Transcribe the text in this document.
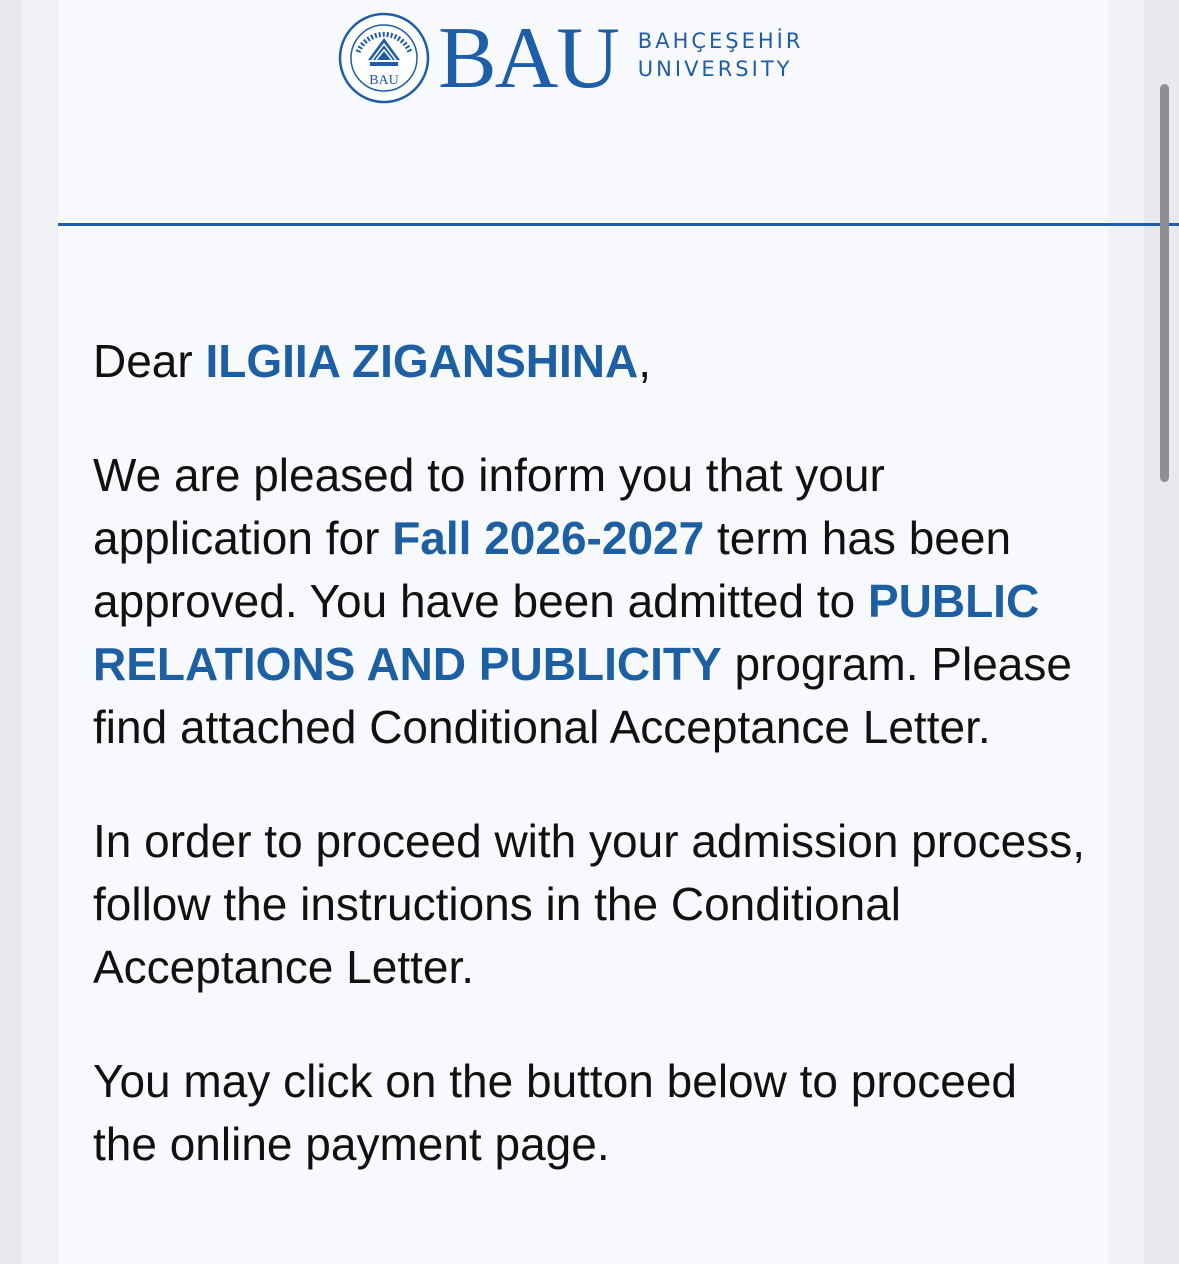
BAU BAU BAHÇEŞEHİR
UNIVERSITY

Dear ILGIIA ZIGANSHINA,

We are pleased to inform you that your application for Fall 2026-2027 term has been approved. You have been admitted to PUBLIC RELATIONS AND PUBLICITY program. Please find attached Conditional Acceptance Letter.

In order to proceed with your admission process, follow the instructions in the Conditional Acceptance Letter.

You may click on the button below to proceed the online payment page.
